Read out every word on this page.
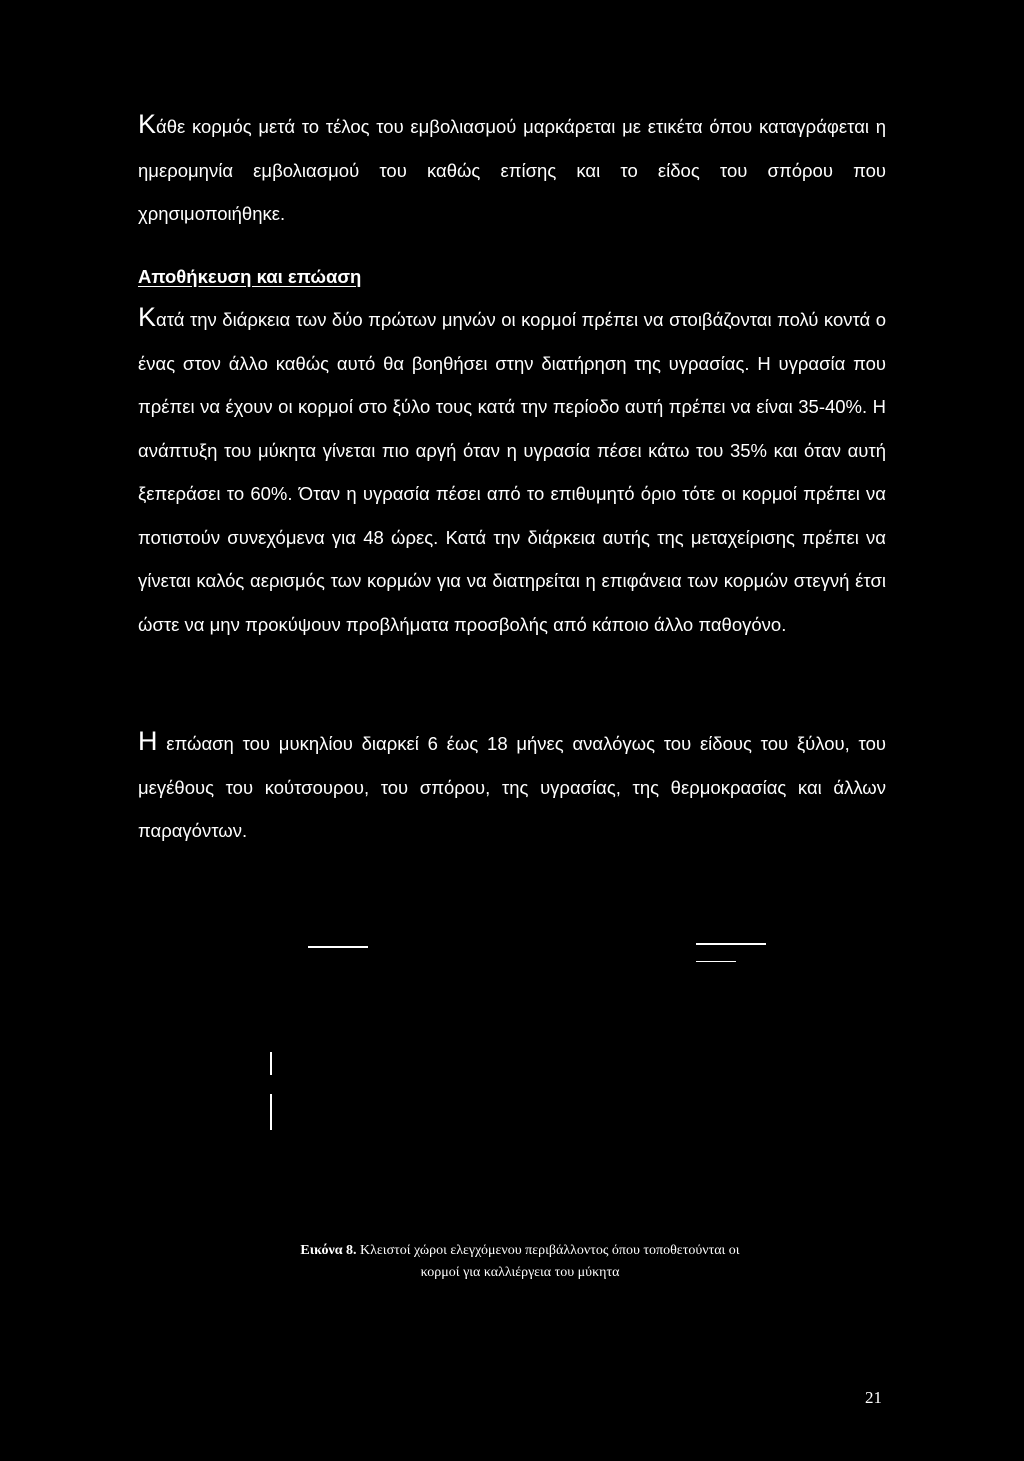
Κάθε κορμός μετά το τέλος του εμβολιασμού μαρκάρεται με ετικέτα όπου καταγράφεται η ημερομηνία εμβολιασμού του καθώς επίσης και το είδος του σπόρου που χρησιμοποιήθηκε.

Αποθήκευση και επώαση

Κατά την διάρκεια των δύο πρώτων μηνών οι κορμοί πρέπει να στοιβάζονται πολύ κοντά ο ένας στον άλλο καθώς αυτό θα βοηθήσει στην διατήρηση της υγρασίας. Η υγρασία που πρέπει να έχουν οι κορμοί στο ξύλο τους κατά την περίοδο αυτή πρέπει να είναι 35-40%. Η ανάπτυξη του μύκητα γίνεται πιο αργή όταν η υγρασία πέσει κάτω του 35% και όταν αυτή ξεπεράσει το 60%. Όταν η υγρασία πέσει από το επιθυμητό όριο τότε οι κορμοί πρέπει να ποτιστούν συνεχόμενα για 48 ώρες. Κατά την διάρκεια αυτής της μεταχείρισης πρέπει να γίνεται καλός αερισμός των κορμών για να διατηρείται η επιφάνεια των κορμών στεγνή έτσι ώστε να μην προκύψουν προβλήματα προσβολής από κάποιο άλλο παθογόνο.

Η επώαση του μυκηλίου διαρκεί 6 έως 18 μήνες αναλόγως του είδους του ξύλου, του μεγέθους του κούτσουρου, του σπόρου, της υγρασίας, της θερμοκρασίας και άλλων παραγόντων.

Εικόνα 8. Κλειστοί χώροι ελεγχόμενου περιβάλλοντος όπου τοποθετούνται οι
κορμοί για καλλιέργεια του μύκητα
21
